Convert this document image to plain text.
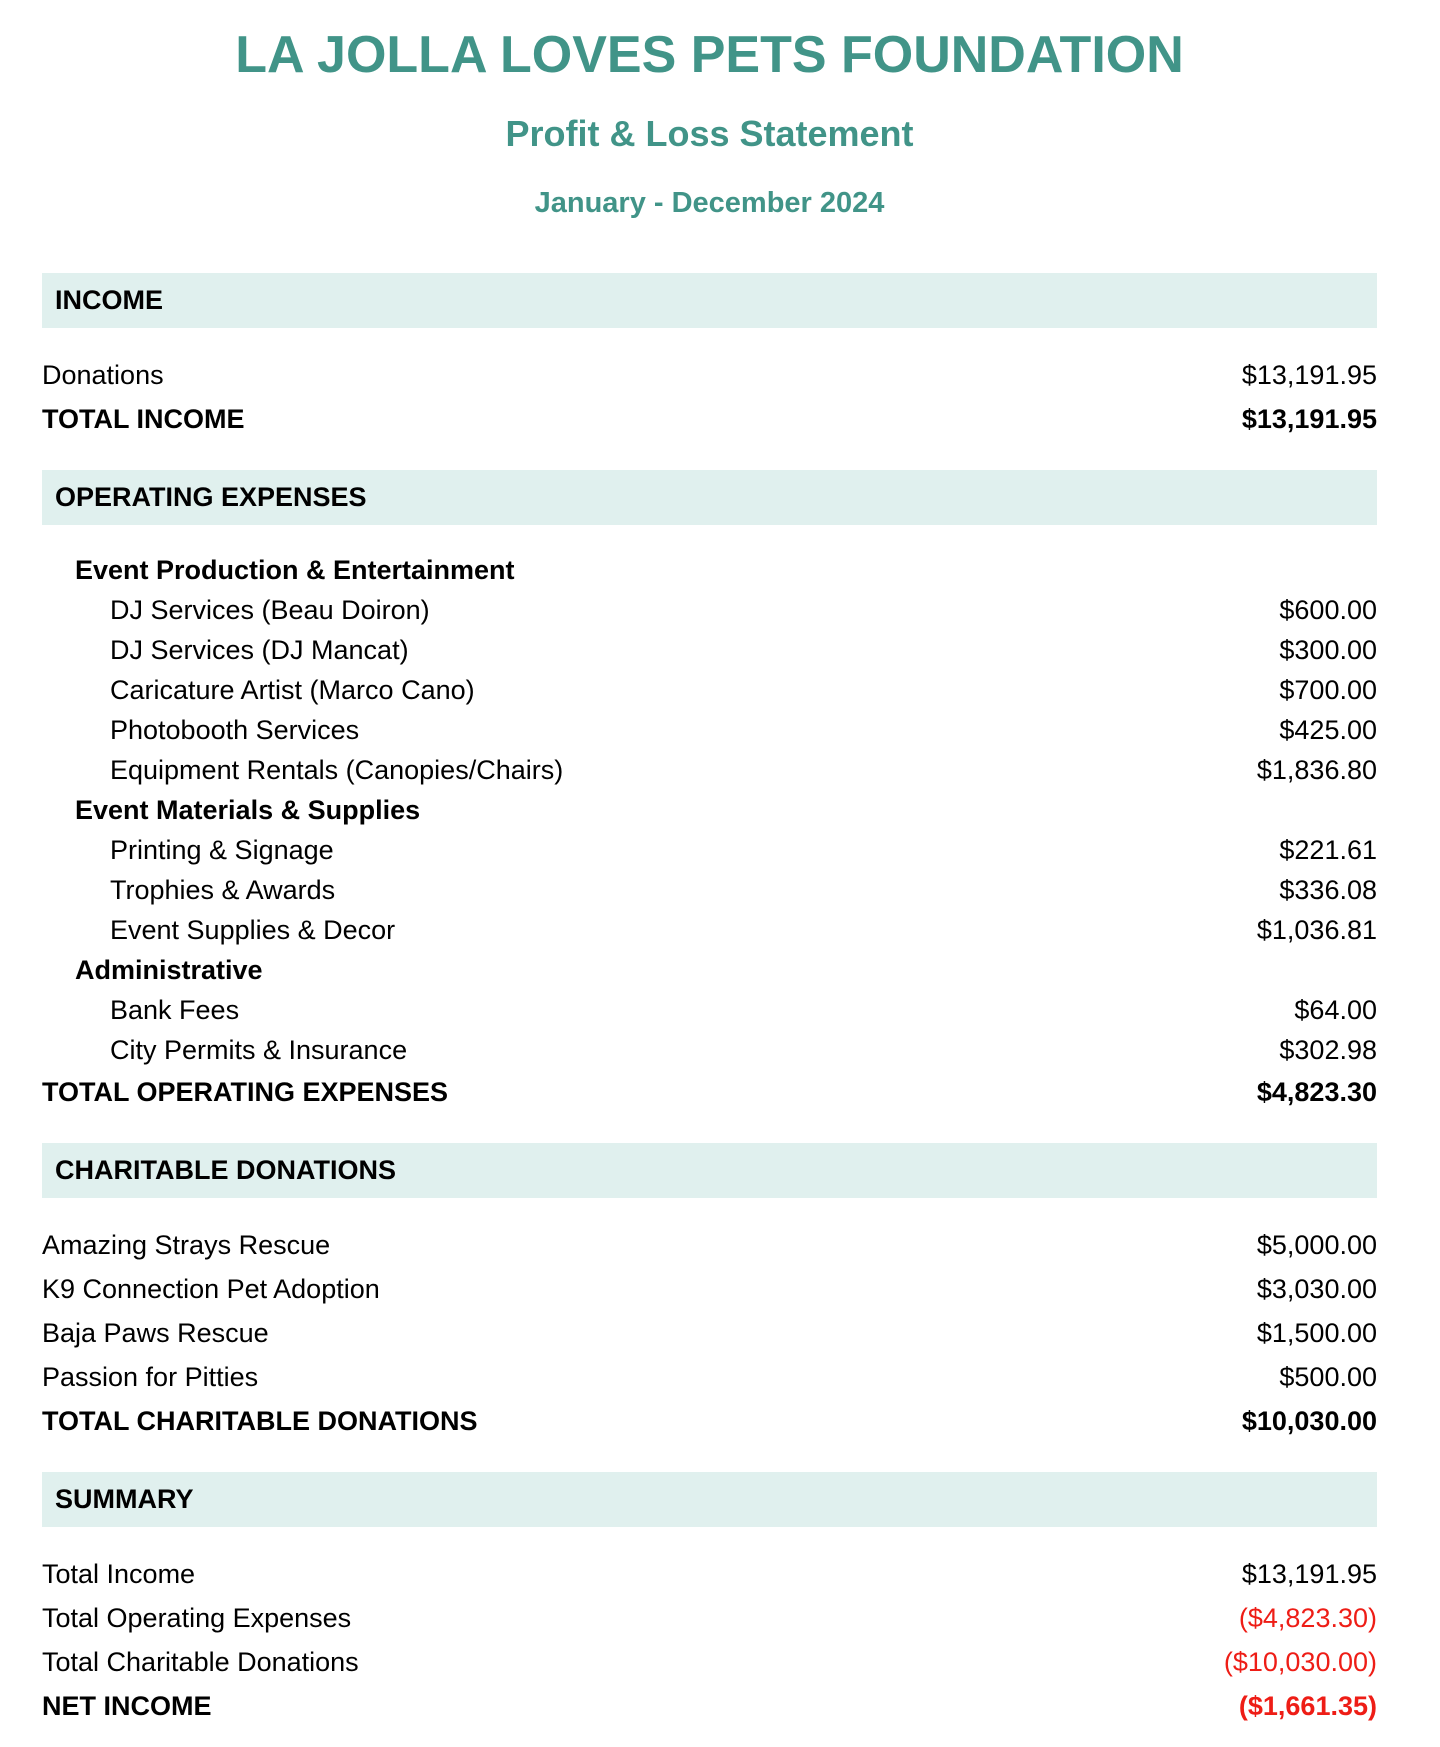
LA JOLLA LOVES PETS FOUNDATION
Profit & Loss Statement
January - December 2024
INCOME
Donations	$13,191.95
TOTAL INCOME	$13,191.95
OPERATING EXPENSES
Event Production & Entertainment
DJ Services (Beau Doiron)	$600.00
DJ Services (DJ Mancat)	$300.00
Caricature Artist (Marco Cano)	$700.00
Photobooth Services	$425.00
Equipment Rentals (Canopies/Chairs)	$1,836.80
Event Materials & Supplies
Printing & Signage	$221.61
Trophies & Awards	$336.08
Event Supplies & Decor	$1,036.81
Administrative
Bank Fees	$64.00
City Permits & Insurance	$302.98
TOTAL OPERATING EXPENSES	$4,823.30
CHARITABLE DONATIONS
Amazing Strays Rescue	$5,000.00
K9 Connection Pet Adoption	$3,030.00
Baja Paws Rescue	$1,500.00
Passion for Pitties	$500.00
TOTAL CHARITABLE DONATIONS	$10,030.00
SUMMARY
Total Income	$13,191.95
Total Operating Expenses	($4,823.30)
Total Charitable Donations	($10,030.00)
NET INCOME	($1,661.35)
